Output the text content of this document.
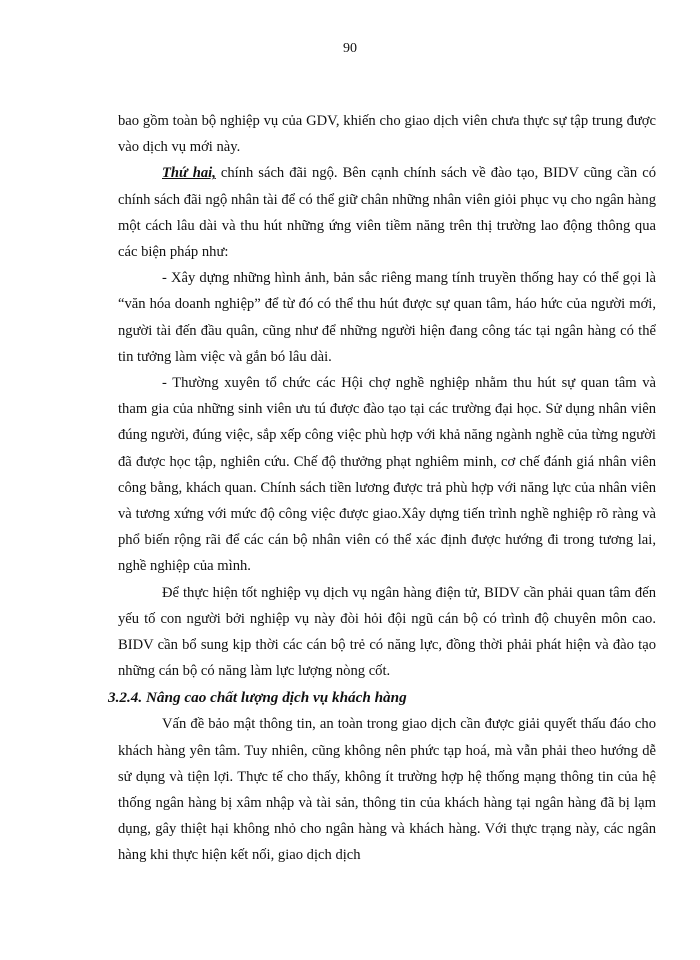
90

bao gồm toàn bộ nghiệp vụ của GDV, khiến cho giao dịch viên chưa thực sự tập trung được vào dịch vụ mới này.

Thứ hai, chính sách đãi ngộ. Bên cạnh chính sách về đào tạo, BIDV cũng cần có chính sách đãi ngộ nhân tài để có thể giữ chân những nhân viên giỏi phục vụ cho ngân hàng một cách lâu dài và thu hút những ứng viên tiềm năng trên thị trường lao động thông qua các biện pháp như:

- Xây dựng những hình ảnh, bản sắc riêng mang tính truyền thống hay có thể gọi là “văn hóa doanh nghiệp” để từ đó có thể thu hút được sự quan tâm, háo hức của người mới, người tài đến đầu quân, cũng như để những người hiện đang công tác tại ngân hàng có thể tin tưởng làm việc và gắn bó lâu dài.

- Thường xuyên tổ chức các Hội chợ nghề nghiệp nhằm thu hút sự quan tâm và tham gia của những sinh viên ưu tú được đào tạo tại các trường đại học. Sử dụng nhân viên đúng người, đúng việc, sắp xếp công việc phù hợp với khả năng ngành nghề của từng người đã được học tập, nghiên cứu. Chế độ thưởng phạt nghiêm minh, cơ chế đánh giá nhân viên công bằng, khách quan. Chính sách tiền lương được trả phù hợp với năng lực của nhân viên và tương xứng với mức độ công việc được giao.Xây dựng tiến trình nghề nghiệp rõ ràng và phổ biến rộng rãi để các cán bộ nhân viên có thể xác định được hướng đi trong tương lai, nghề nghiệp của mình.

Để thực hiện tốt nghiệp vụ dịch vụ ngân hàng điện tử, BIDV cần phải quan tâm đến yếu tố con người bởi nghiệp vụ này đòi hỏi đội ngũ cán bộ có trình độ chuyên môn cao. BIDV cần bổ sung kịp thời các cán bộ trẻ có năng lực, đồng thời phải phát hiện và đào tạo những cán bộ có năng làm lực lượng nòng cốt.

3.2.4. Nâng cao chất lượng dịch vụ khách hàng

Vấn đề bảo mật thông tin, an toàn trong giao dịch cần được giải quyết thấu đáo cho khách hàng yên tâm. Tuy nhiên, cũng không nên phức tạp hoá, mà vẫn phải theo hướng dễ sử dụng và tiện lợi. Thực tế cho thấy, không ít trường hợp hệ thống mạng thông tin của hệ thống ngân hàng bị xâm nhập và tài sản, thông tin của khách hàng tại ngân hàng đã bị lạm dụng, gây thiệt hại không nhỏ cho ngân hàng và khách hàng. Với thực trạng này, các ngân hàng khi thực hiện kết nối, giao dịch dịch
